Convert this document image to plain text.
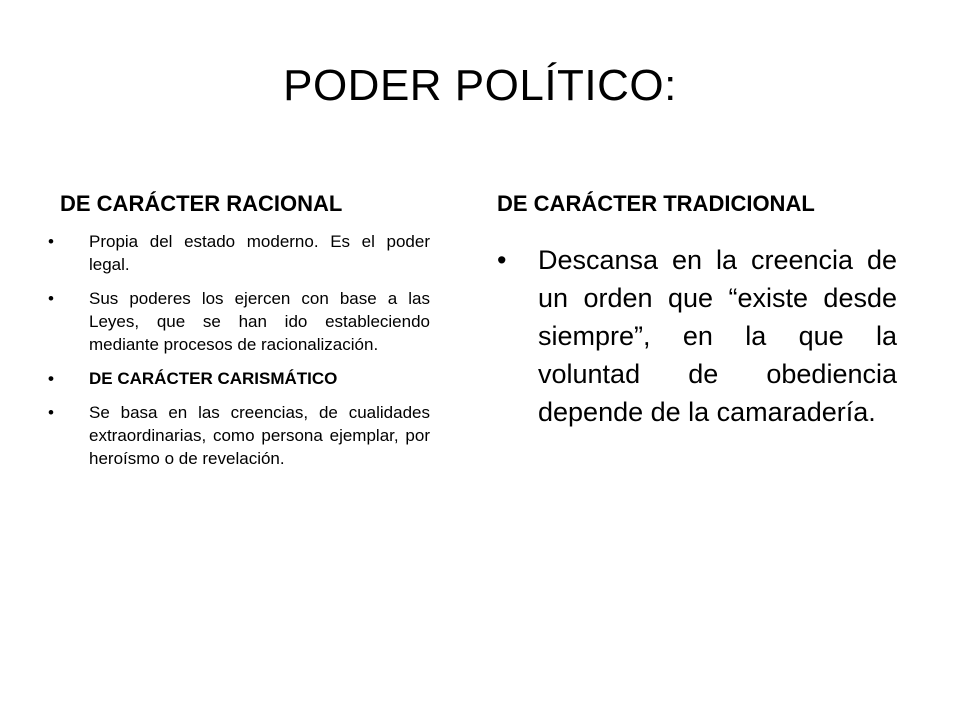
PODER POLÍTICO:
DE CARÁCTER RACIONAL	DE CARÁCTER TRADICIONAL
• Propia del estado moderno. Es el poder legal.
• Sus poderes los ejercen con base a las Leyes, que se han ido estableciendo mediante procesos de racionalización.
• DE CARÁCTER CARISMÁTICO
• Se basa en las creencias, de cualidades extraordinarias, como persona ejemplar, por heroísmo o de revelación.
• Descansa en la creencia de un orden que “existe desde siempre”, en la que la voluntad de obediencia depende de la camaradería.
